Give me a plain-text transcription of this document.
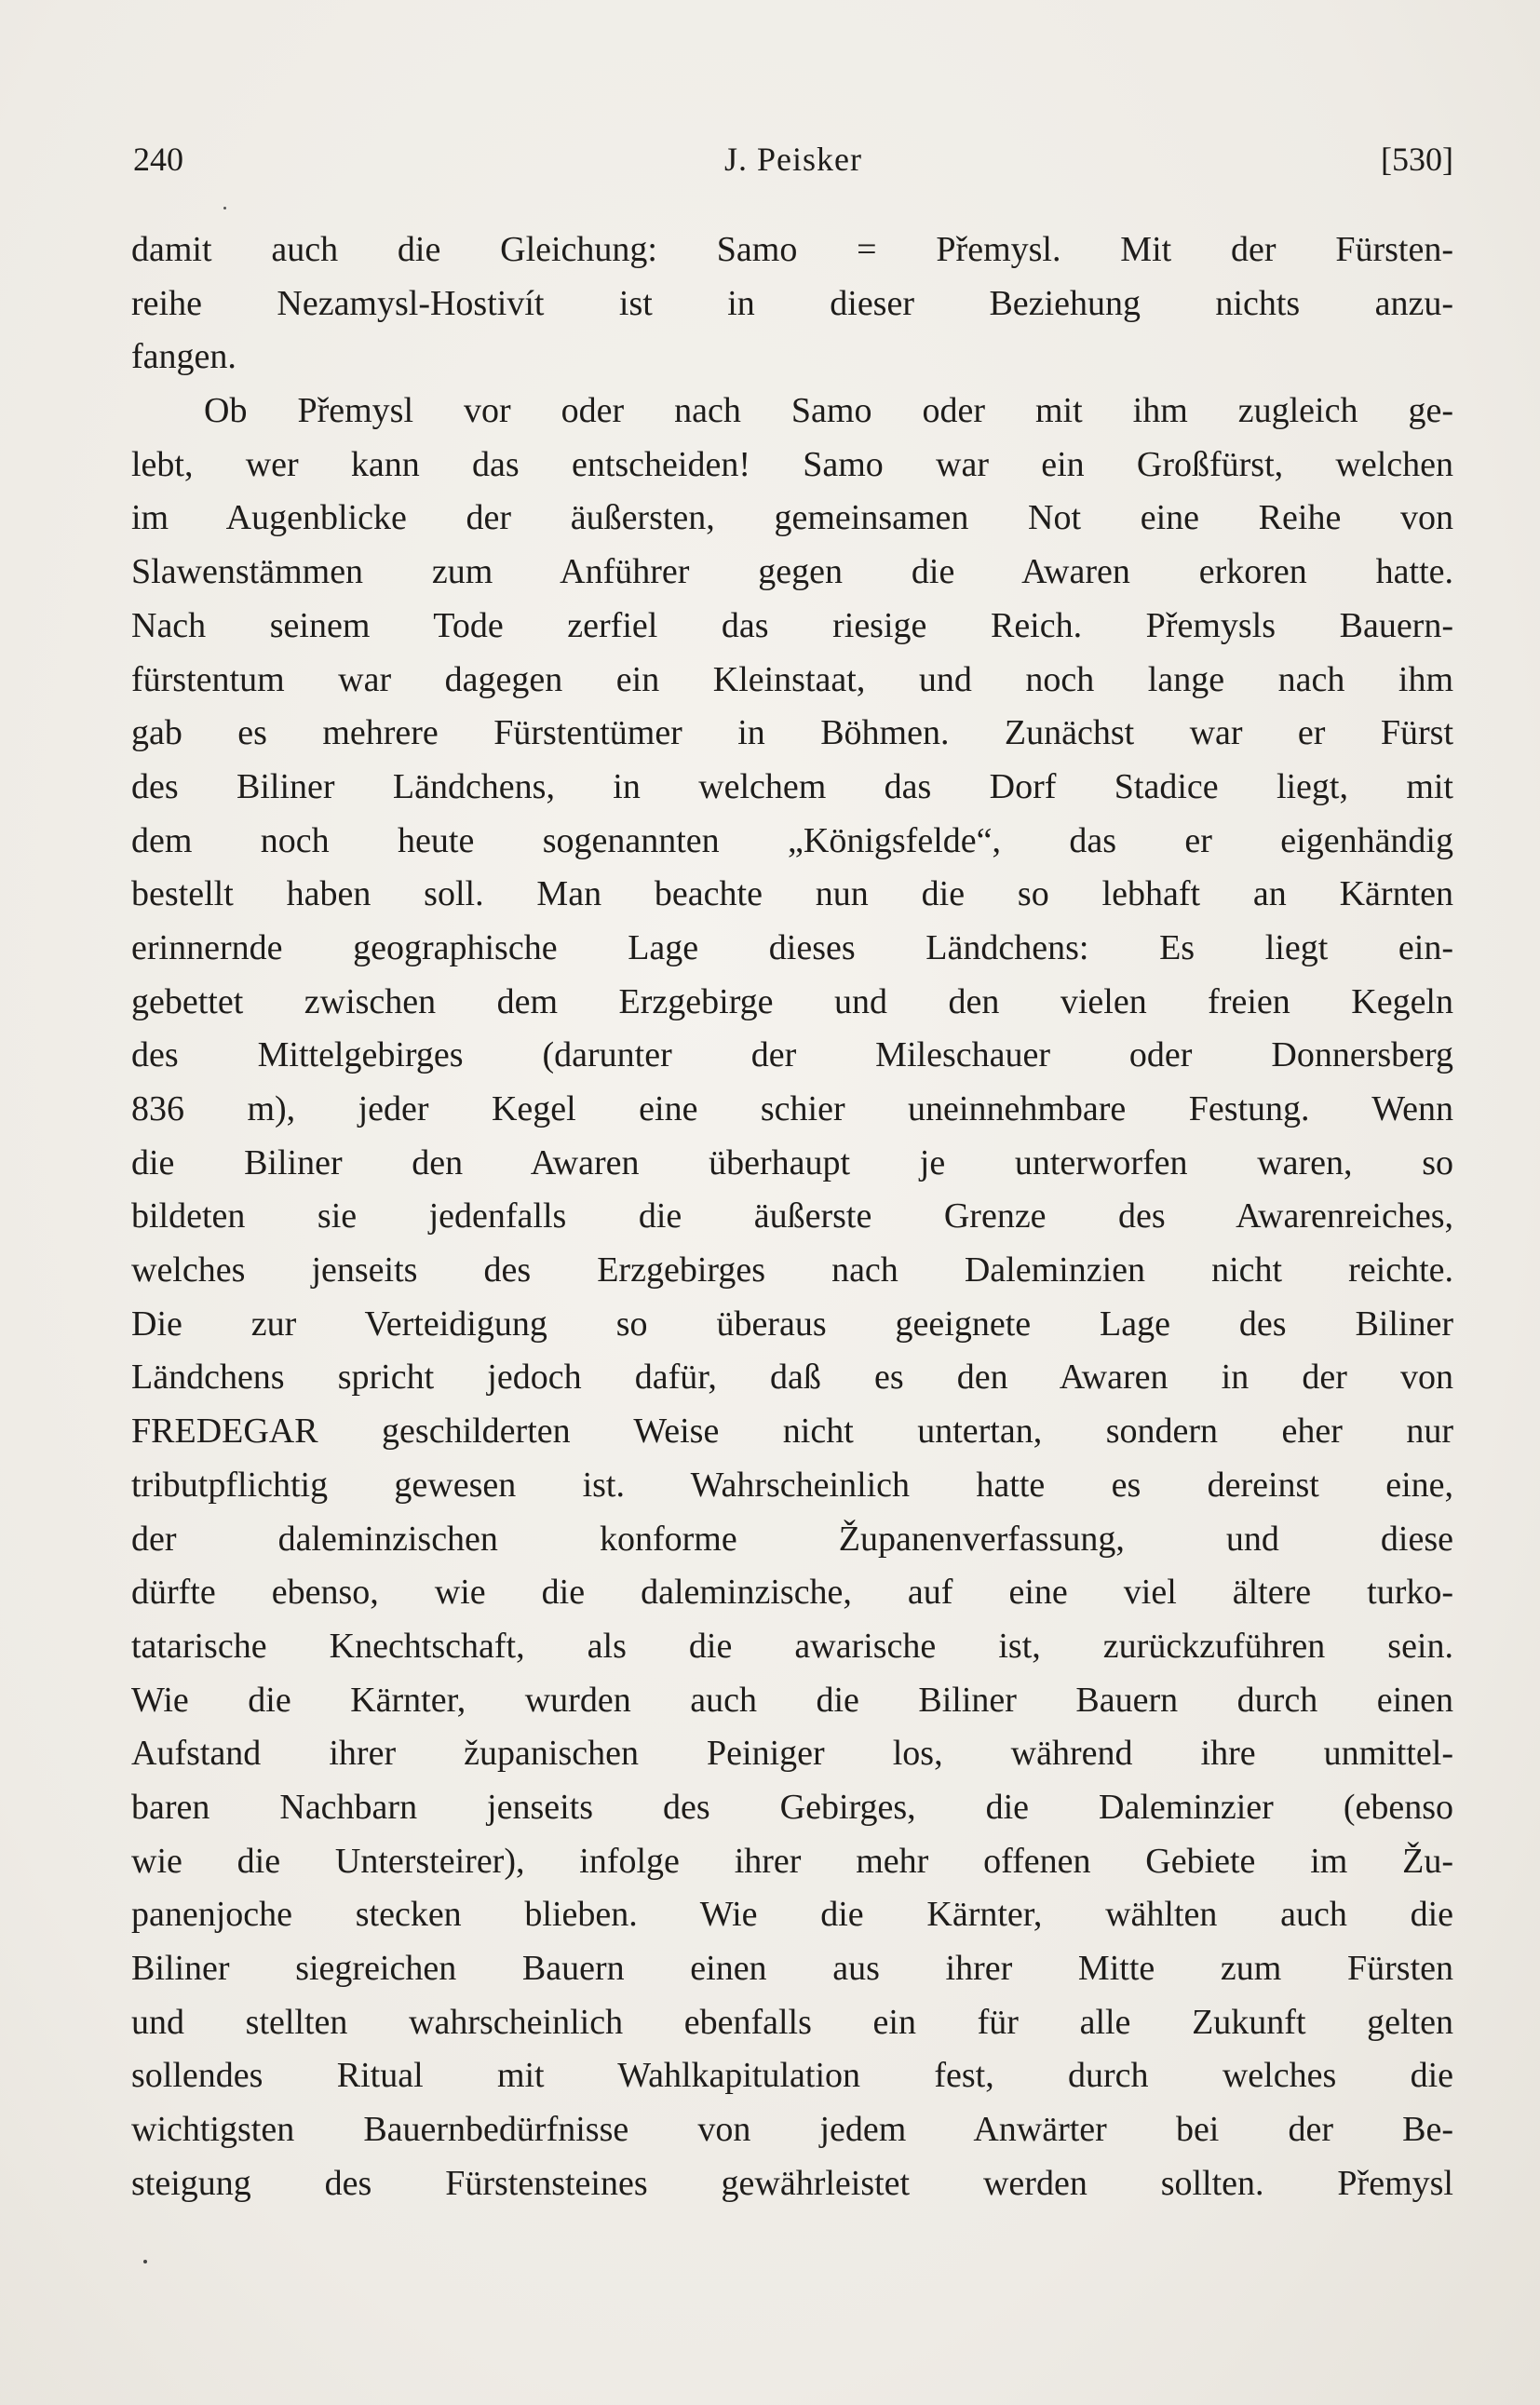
240	J. Peisker	[530]
damit auch die Gleichung: Samo = Přemysl. Mit der Fürsten-
reihe Nezamysl-Hostivít ist in dieser Beziehung nichts anzu-
fangen.
Ob Přemysl vor oder nach Samo oder mit ihm zugleich ge-
lebt, wer kann das entscheiden! Samo war ein Großfürst, welchen
im Augenblicke der äußersten, gemeinsamen Not eine Reihe von
Slawenstämmen zum Anführer gegen die Awaren erkoren hatte.
Nach seinem Tode zerfiel das riesige Reich. Přemysls Bauern-
fürstentum war dagegen ein Kleinstaat, und noch lange nach ihm
gab es mehrere Fürstentümer in Böhmen. Zunächst war er Fürst
des Biliner Ländchens, in welchem das Dorf Stadice liegt, mit
dem noch heute sogenannten „Königsfelde“, das er eigenhändig
bestellt haben soll. Man beachte nun die so lebhaft an Kärnten
erinnernde geographische Lage dieses Ländchens: Es liegt ein-
gebettet zwischen dem Erzgebirge und den vielen freien Kegeln
des Mittelgebirges (darunter der Mileschauer oder Donnersberg
836 m), jeder Kegel eine schier uneinnehmbare Festung. Wenn
die Biliner den Awaren überhaupt je unterworfen waren, so
bildeten sie jedenfalls die äußerste Grenze des Awarenreiches,
welches jenseits des Erzgebirges nach Daleminzien nicht reichte.
Die zur Verteidigung so überaus geeignete Lage des Biliner
Ländchens spricht jedoch dafür, daß es den Awaren in der von
FREDEGAR geschilderten Weise nicht untertan, sondern eher nur
tributpflichtig gewesen ist. Wahrscheinlich hatte es dereinst eine,
der daleminzischen konforme Županenverfassung, und diese
dürfte ebenso, wie die daleminzische, auf eine viel ältere turko-
tatarische Knechtschaft, als die awarische ist, zurückzuführen sein.
Wie die Kärnter, wurden auch die Biliner Bauern durch einen
Aufstand ihrer županischen Peiniger los, während ihre unmittel-
baren Nachbarn jenseits des Gebirges, die Daleminzier (ebenso
wie die Untersteirer), infolge ihrer mehr offenen Gebiete im Žu-
panenjoche stecken blieben. Wie die Kärnter, wählten auch die
Biliner siegreichen Bauern einen aus ihrer Mitte zum Fürsten
und stellten wahrscheinlich ebenfalls ein für alle Zukunft gelten
sollendes Ritual mit Wahlkapitulation fest, durch welches die
wichtigsten Bauernbedürfnisse von jedem Anwärter bei der Be-
steigung des Fürstensteines gewährleistet werden sollten. Přemysl
